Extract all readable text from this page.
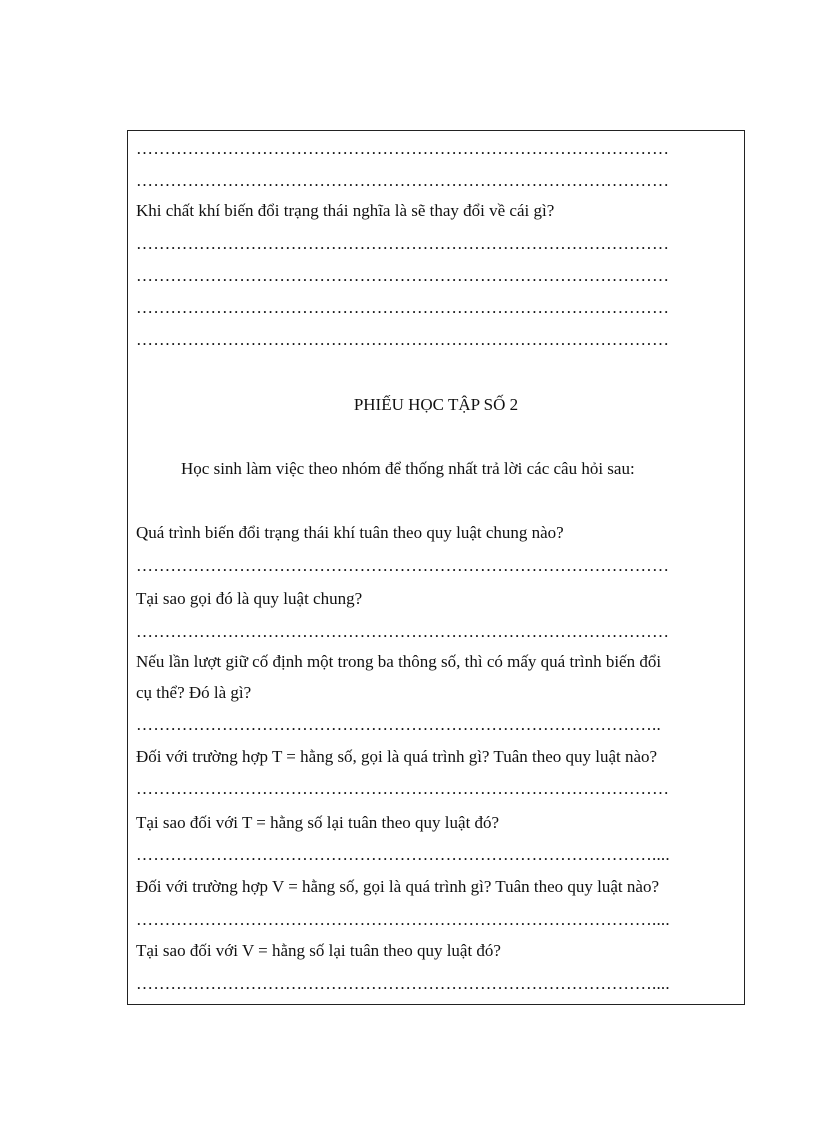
…………………………………………………………………………………
…………………………………………………………………………………
Khi chất khí biến đổi trạng thái nghĩa là sẽ thay đổi về cái gì?
…………………………………………………………………………………
…………………………………………………………………………………
…………………………………………………………………………………
…………………………………………………………………………………
PHIẾU HỌC TẬP SỐ 2
Học sinh làm việc theo nhóm để thống nhất trả lời các câu hỏi sau:
Quá trình biến đổi trạng thái khí tuân theo quy luật chung nào?
…………………………………………………………………………………
Tại sao gọi đó là quy luật chung?
…………………………………………………………………………………
Nếu lần lượt giữ cố định một trong ba thông số, thì có mấy quá trình biến đổi
cụ thể? Đó là gì?
………………………………………………………………………………..
Đối với trường hợp T = hằng số, gọi là quá trình gì? Tuân theo quy luật nào?
…………………………………………………………………………………
Tại sao đối với T = hằng số lại tuân theo quy luật đó?
………………………………………………………………………………....
Đối với trường hợp V = hằng số, gọi là quá trình gì? Tuân theo quy luật nào?
………………………………………………………………………………....
Tại sao đối với V = hằng số lại tuân theo quy luật đó?
………………………………………………………………………………....
